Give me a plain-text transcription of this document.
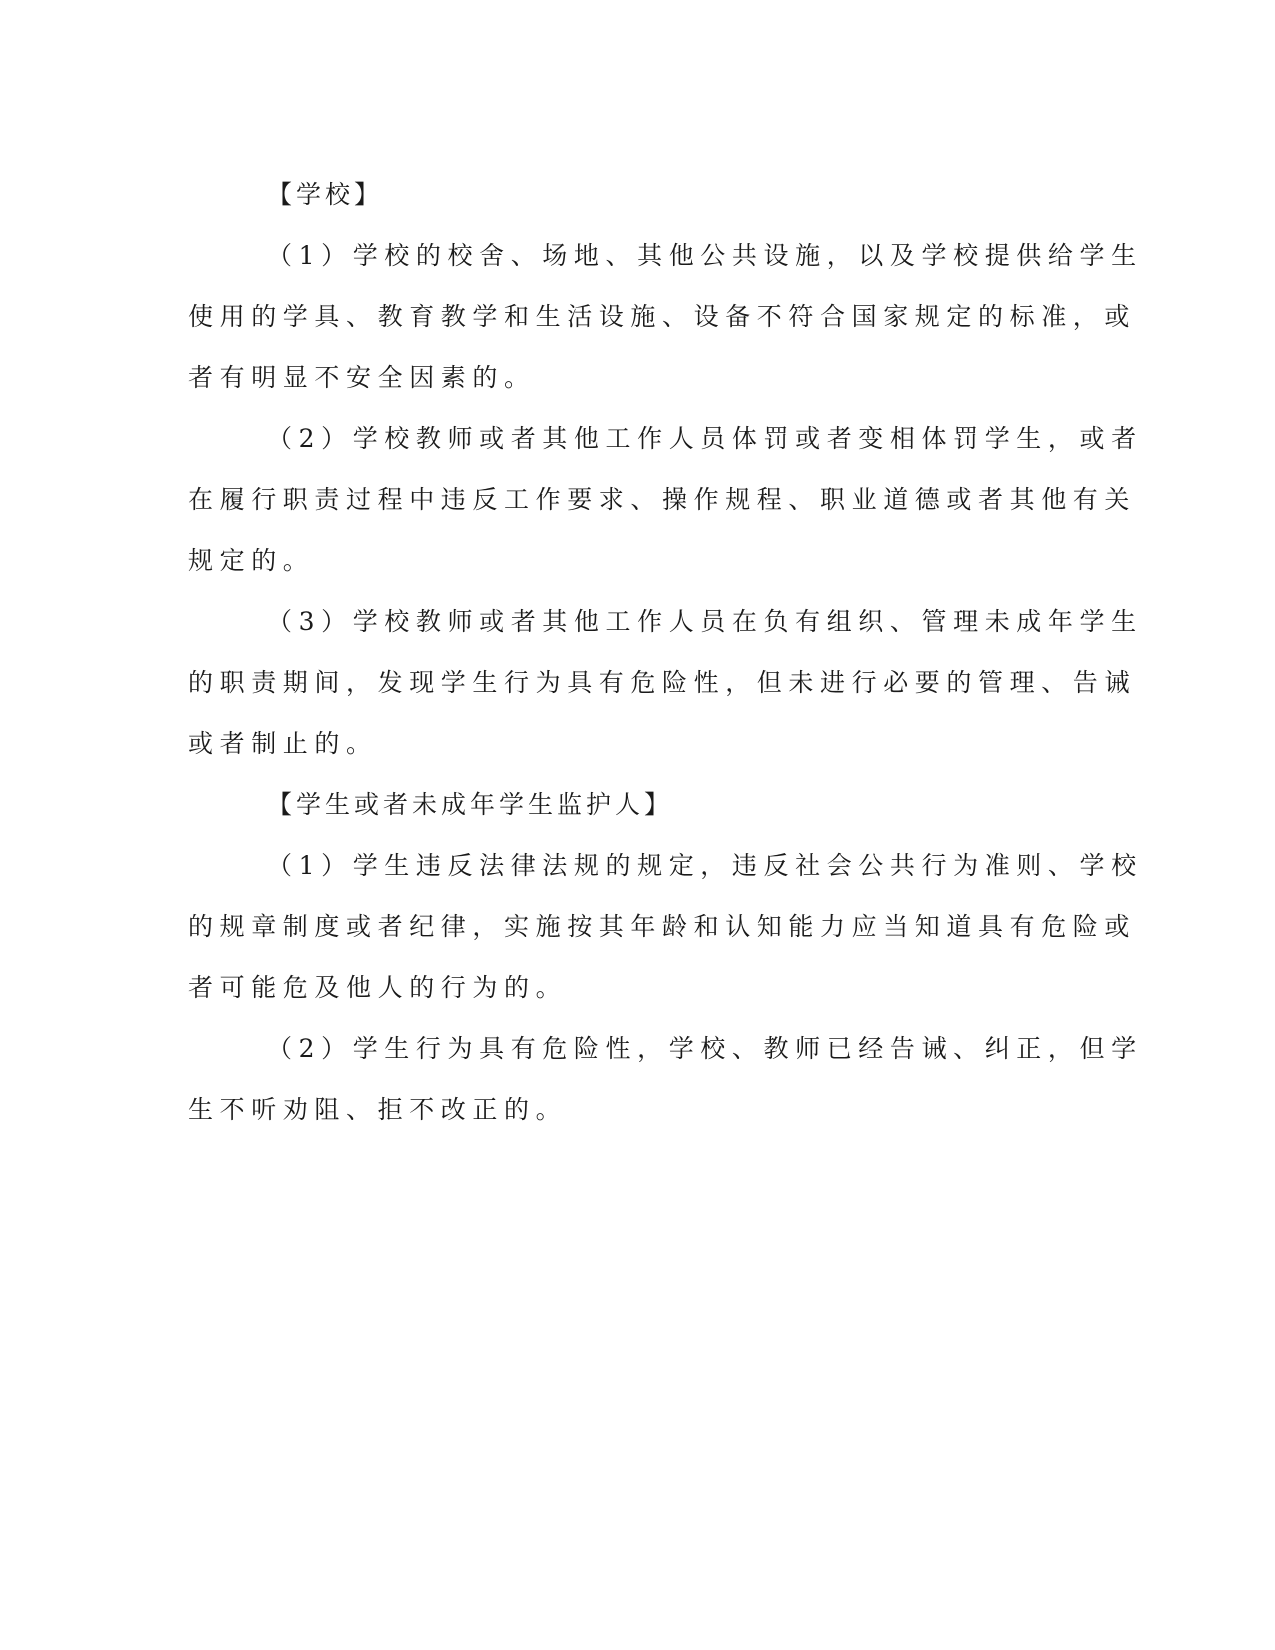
【学校】

（1）学校的校舍、场地、其他公共设施，以及学校提供给学生

使用的学具、教育教学和生活设施、设备不符合国家规定的标准，或

者有明显不安全因素的。

（2）学校教师或者其他工作人员体罚或者变相体罚学生，或者

在履行职责过程中违反工作要求、操作规程、职业道德或者其他有关

规定的。

（3）学校教师或者其他工作人员在负有组织、管理未成年学生

的职责期间，发现学生行为具有危险性，但未进行必要的管理、告诫

或者制止的。

【学生或者未成年学生监护人】

（1）学生违反法律法规的规定，违反社会公共行为准则、学校

的规章制度或者纪律，实施按其年龄和认知能力应当知道具有危险或

者可能危及他人的行为的。

（2）学生行为具有危险性，学校、教师已经告诫、纠正，但学

生不听劝阻、拒不改正的。
